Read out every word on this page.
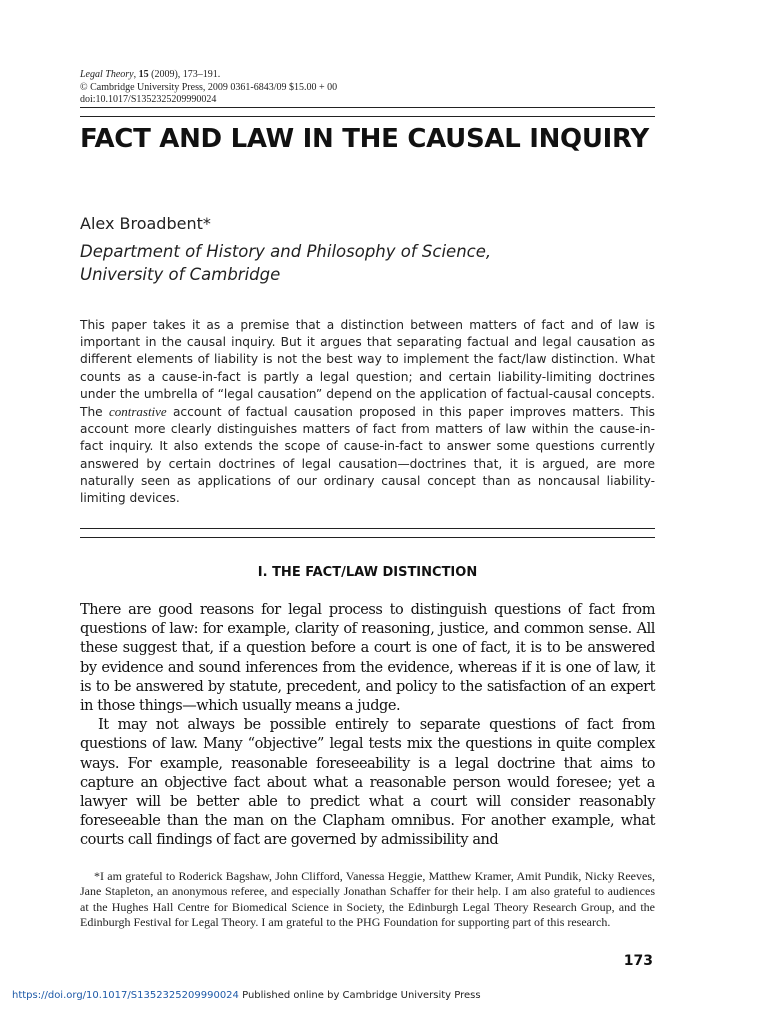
Legal Theory, 15 (2009), 173–191.
© Cambridge University Press, 2009 0361-6843/09 $15.00 + 00
doi:10.1017/S1352325209990024
FACT AND LAW IN THE CAUSAL INQUIRY
Alex Broadbent*
Department of History and Philosophy of Science,
University of Cambridge

This paper takes it as a premise that a distinction between matters of fact and of law is important in the causal inquiry. But it argues that separating factual and legal causation as different elements of liability is not the best way to implement the fact/law distinction. What counts as a cause-in-fact is partly a legal question; and certain liability-limiting doctrines under the umbrella of “legal causation” depend on the application of factual-causal concepts. The contrastive account of factual causation proposed in this paper improves matters. This account more clearly distinguishes matters of fact from matters of law within the cause-in-fact inquiry. It also extends the scope of cause-in-fact to answer some questions currently answered by certain doctrines of legal causation—doctrines that, it is argued, are more naturally seen as applications of our ordinary causal concept than as noncausal liability-limiting devices.

I. THE FACT/LAW DISTINCTION

There are good reasons for legal process to distinguish questions of fact from questions of law: for example, clarity of reasoning, justice, and common sense. All these suggest that, if a question before a court is one of fact, it is to be answered by evidence and sound inferences from the evidence, whereas if it is one of law, it is to be answered by statute, precedent, and policy to the satisfaction of an expert in those things—which usually means a judge.

It may not always be possible entirely to separate questions of fact from questions of law. Many “objective” legal tests mix the questions in quite complex ways. For example, reasonable foreseeability is a legal doctrine that aims to capture an objective fact about what a reasonable person would foresee; yet a lawyer will be better able to predict what a court will consider reasonably foreseeable than the man on the Clapham omnibus. For another example, what courts call findings of fact are governed by admissibility and

*I am grateful to Roderick Bagshaw, John Clifford, Vanessa Heggie, Matthew Kramer, Amit Pundik, Nicky Reeves, Jane Stapleton, an anonymous referee, and especially Jonathan Schaffer for their help. I am also grateful to audiences at the Hughes Hall Centre for Biomedical Science in Society, the Edinburgh Legal Theory Research Group, and the Edinburgh Festival for Legal Theory. I am grateful to the PHG Foundation for supporting part of this research.

173
https://doi.org/10.1017/S1352325209990024 Published online by Cambridge University Press
